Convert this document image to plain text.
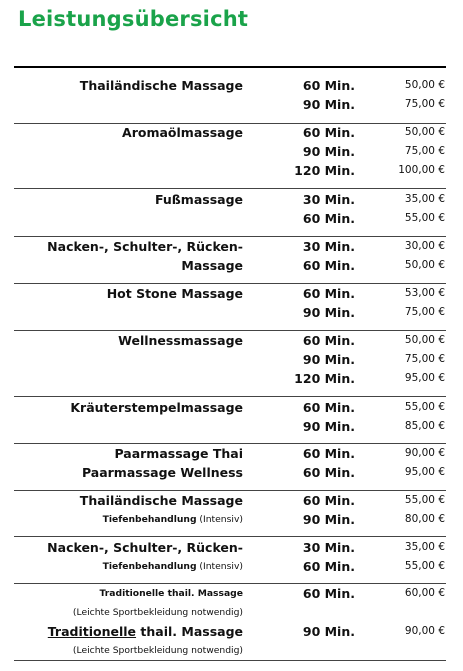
Leistungsübersicht
Thailändische Massage	60 Min.	50,00 €
90 Min.	75,00 €
Aromaölmassage	60 Min.	50,00 €
90 Min.	75,00 €
120 Min.	100,00 €
Fußmassage	30 Min.	35,00 €
60 Min.	55,00 €
Nacken-, Schulter-, Rücken-	30 Min.	30,00 €
Massage	60 Min.	50,00 €
Hot Stone Massage	60 Min.	53,00 €
90 Min.	75,00 €
Wellnessmassage	60 Min.	50,00 €
90 Min.	75,00 €
120 Min.	95,00 €
Kräuterstempelmassage	60 Min.	55,00 €
90 Min.	85,00 €
Paarmassage Thai	60 Min.	90,00 €
Paarmassage Wellness	60 Min.	95,00 €
Thailändische Massage	60 Min.	55,00 €
Tiefenbehandlung (Intensiv)	90 Min.	80,00 €
Nacken-, Schulter-, Rücken-	30 Min.	35,00 €
Tiefenbehandlung (Intensiv)	60 Min.	55,00 €
Traditionelle thail. Massage	60 Min.	60,00 €
(Leichte Sportbekleidung notwendig)
Traditionelle thail. Massage	90 Min.	90,00 €
(Leichte Sportbekleidung notwendig)
